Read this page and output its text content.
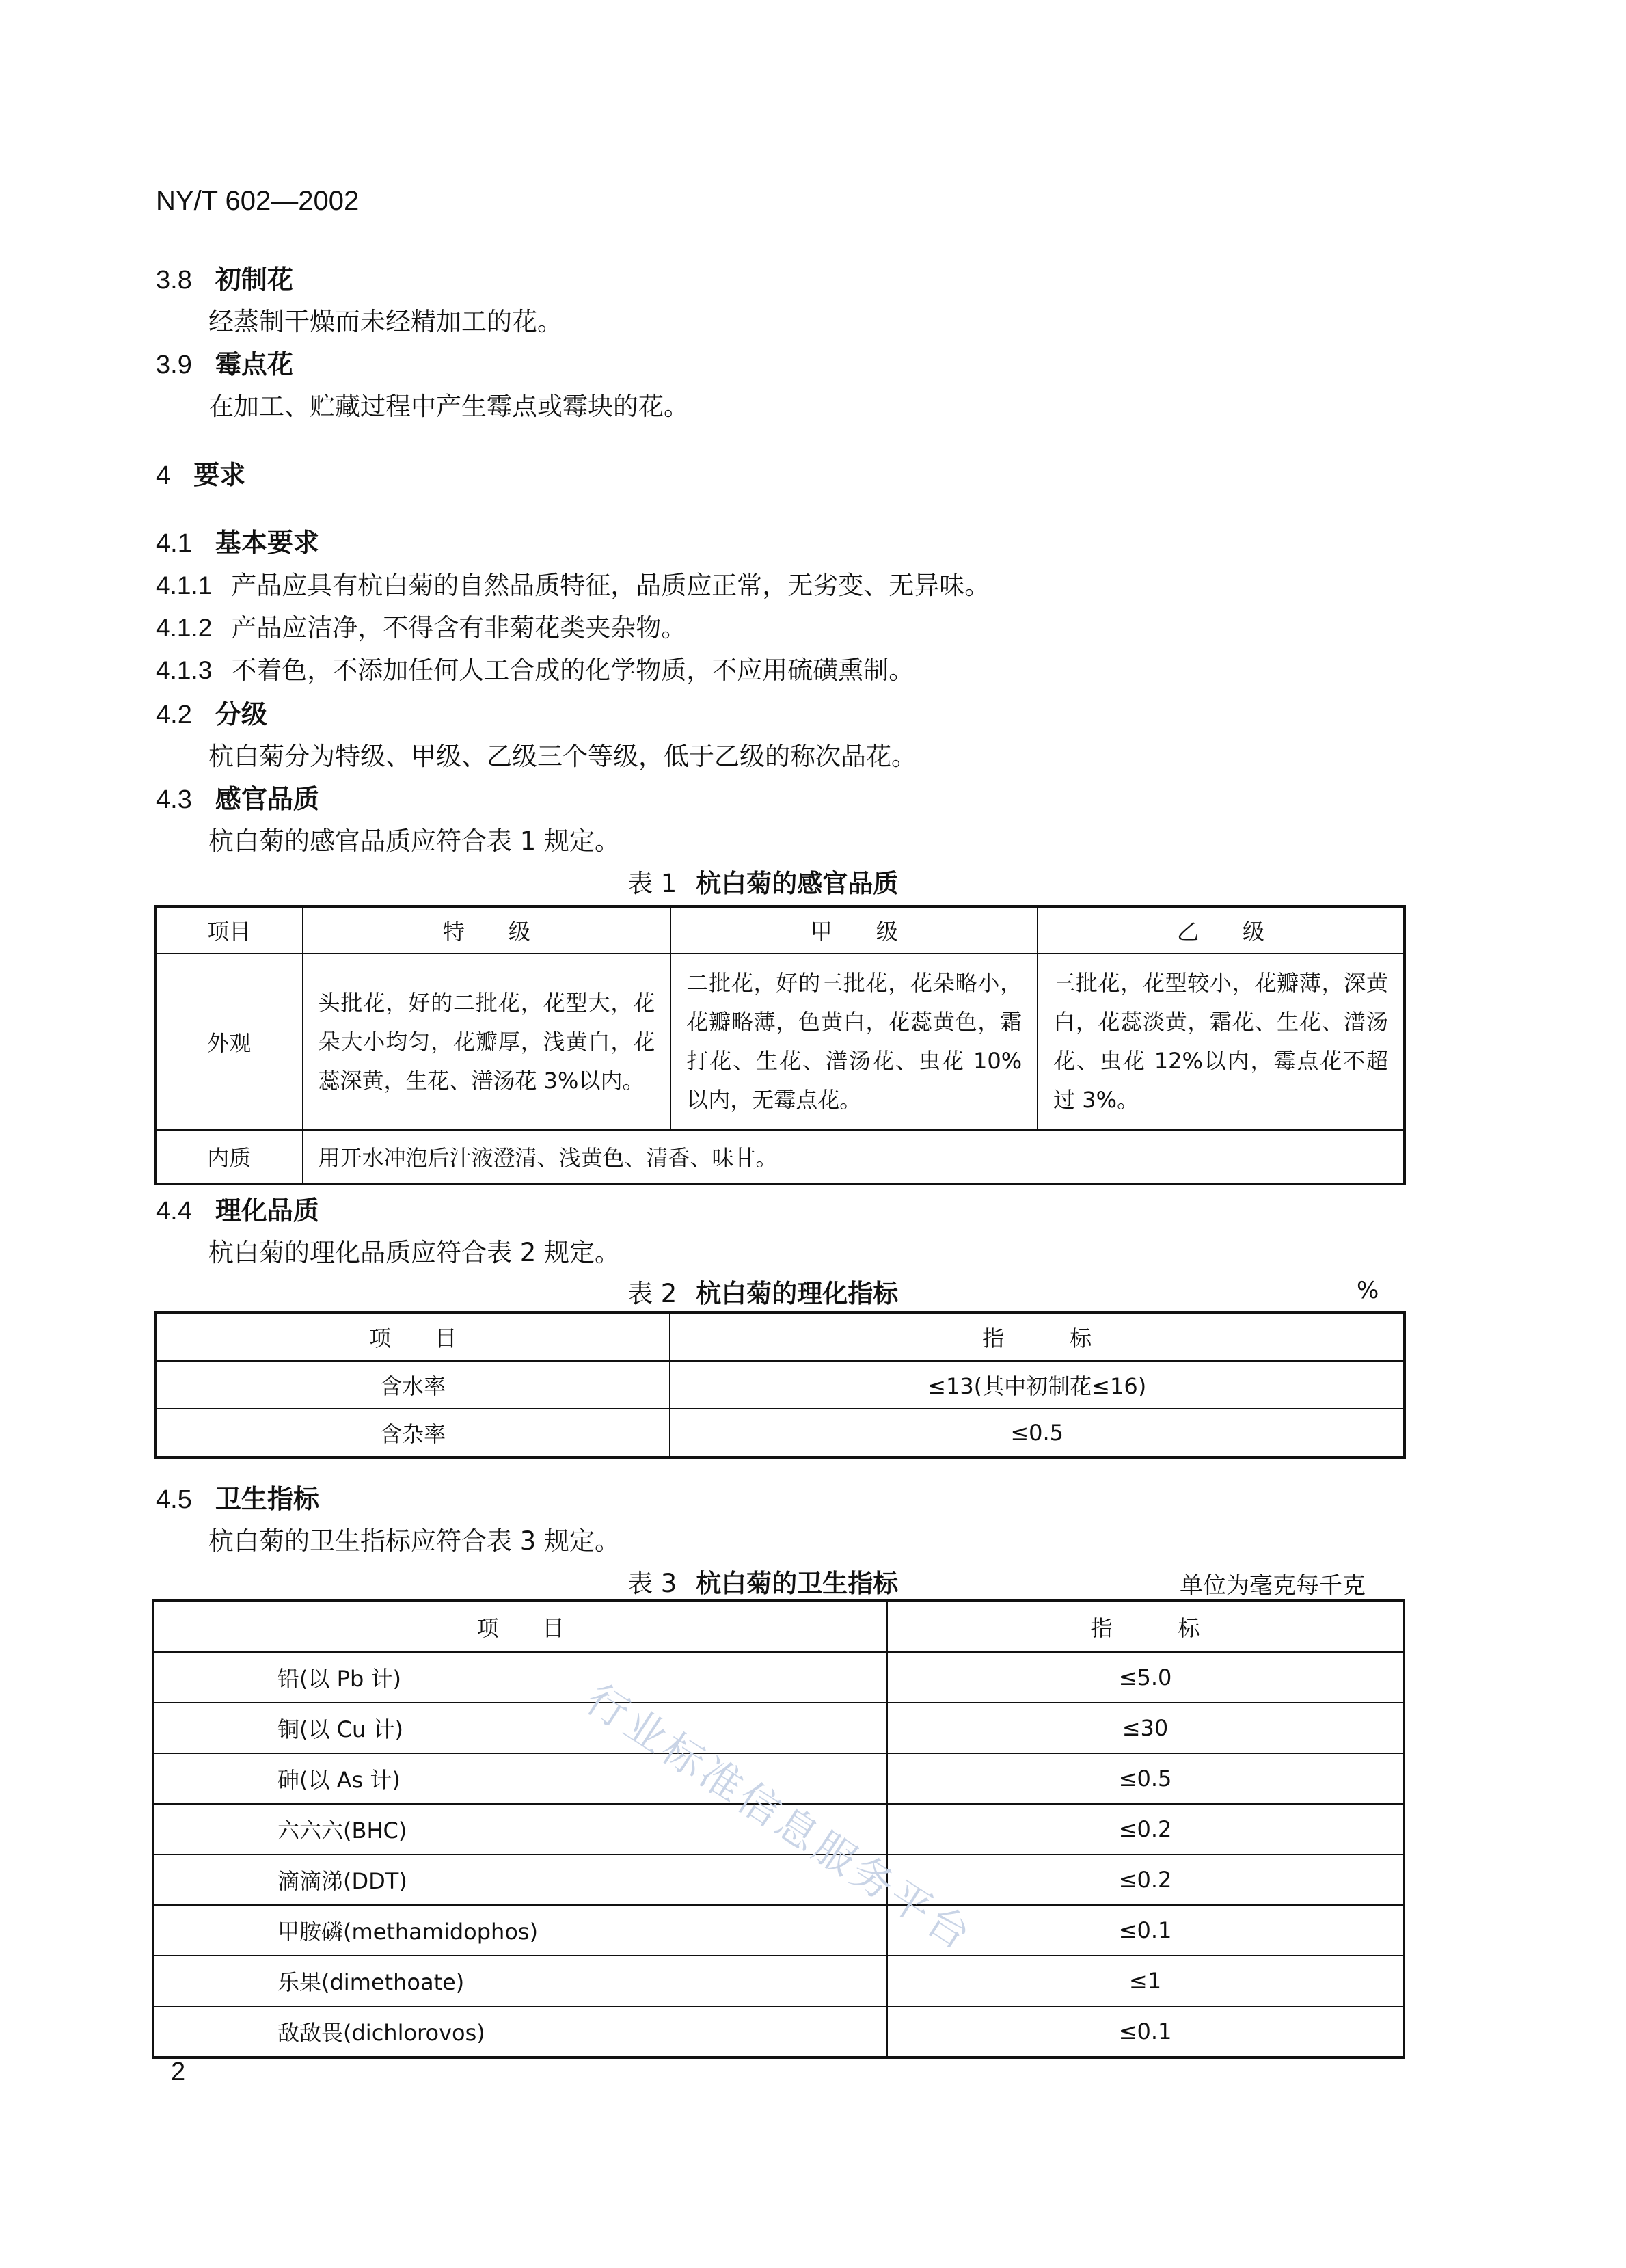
NY/T 602—2002
3.8 初制花
经蒸制干燥而未经精加工的花。
3.9 霉点花
在加工、贮藏过程中产生霉点或霉块的花。
4 要求
4.1 基本要求
4.1.1 产品应具有杭白菊的自然品质特征，品质应正常，无劣变、无异味。
4.1.2 产品应洁净，不得含有非菊花类夹杂物。
4.1.3 不着色，不添加任何人工合成的化学物质，不应用硫磺熏制。
4.2 分级
杭白菊分为特级、甲级、乙级三个等级，低于乙级的称次品花。
4.3 感官品质
杭白菊的感官品质应符合表 1 规定。
表 1 杭白菊的感官品质
项目	特　　级	甲　　级	乙　　级
外观	头批花，好的二批花，花型大，花朵大小均匀，花瓣厚，浅黄白，花蕊深黄，生花、潽汤花 3%以内。	二批花，好的三批花，花朵略小，花瓣略薄，色黄白，花蕊黄色，霜打花、生花、潽汤花、虫花 10%以内，无霉点花。	三批花，花型较小，花瓣薄，深黄白，花蕊淡黄，霜花、生花、潽汤花、虫花 12%以内，霉点花不超过 3%。
内质	用开水冲泡后汁液澄清、浅黄色、清香、味甘。		
4.4 理化品质
杭白菊的理化品质应符合表 2 规定。
表 2 杭白菊的理化指标	%
项　　目	指　　　标
含水率	≤13(其中初制花≤16)
含杂率	≤0.5
4.5 卫生指标
杭白菊的卫生指标应符合表 3 规定。
表 3 杭白菊的卫生指标	单位为毫克每千克
项　　目	指　　　标
铅(以 Pb 计)	≤5.0
铜(以 Cu 计)	≤30
砷(以 As 计)	≤0.5
六六六(BHC)	≤0.2
滴滴涕(DDT)	≤0.2
甲胺磷(methamidophos)	≤0.1
乐果(dimethoate)	≤1
敌敌畏(dichlorovos)	≤0.1
行业标准信息服务平台
2
